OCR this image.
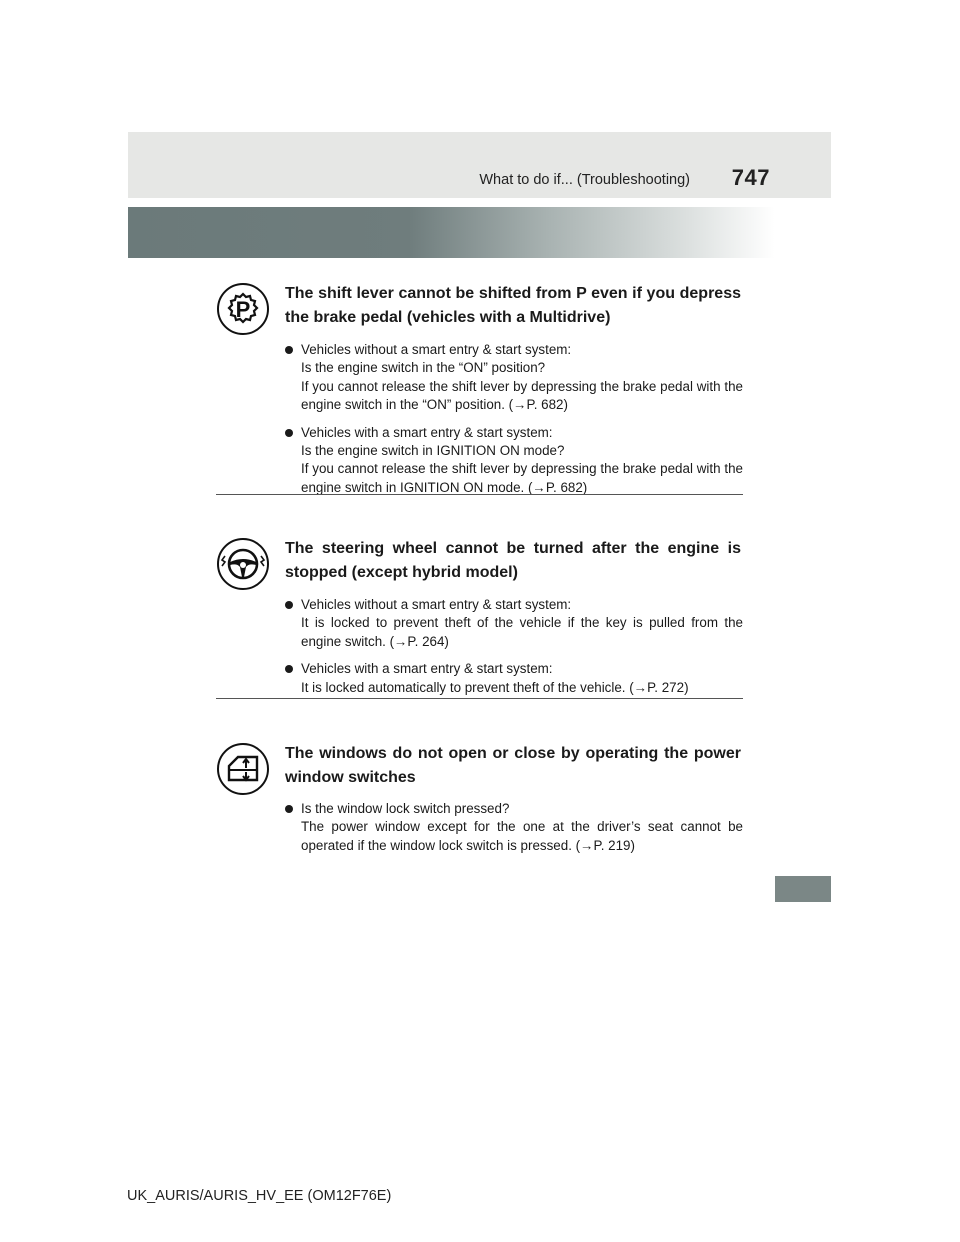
What to do if... (Troubleshooting)	747
P
The shift lever cannot be shifted from P even if you depress the brake pedal (vehicles with a Multidrive)
Vehicles without a smart entry & start system:
Is the engine switch in the “ON” position?
If you cannot release the shift lever by depressing the brake pedal with the engine switch in the “ON” position. (→P. 682)
Vehicles with a smart entry & start system:
Is the engine switch in IGNITION ON mode?
If you cannot release the shift lever by depressing the brake pedal with the engine switch in IGNITION ON mode. (→P. 682)
The steering wheel cannot be turned after the engine is stopped (except hybrid model)
Vehicles without a smart entry & start system:
It is locked to prevent theft of the vehicle if the key is pulled from the engine switch. (→P. 264)
Vehicles with a smart entry & start system:
It is locked automatically to prevent theft of the vehicle. (→P. 272)
The windows do not open or close by operating the power window switches
Is the window lock switch pressed?
The power window except for the one at the driver’s seat cannot be operated if the window lock switch is pressed. (→P. 219)
UK_AURIS/AURIS_HV_EE (OM12F76E)
